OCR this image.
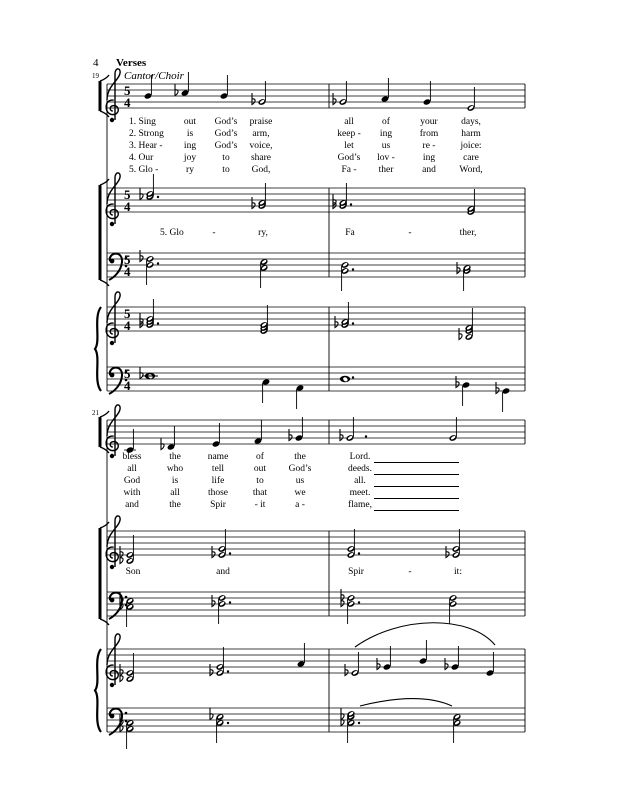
5
4
5
4
5
4
5
4
5
4
4 Verses
Cantor/Choir
19
21
1. Sing	out God’s praise	all	of	your days,
2. Strong is God’s arm,	keep - ing	from harm
3. Hear - ing God’s voice,	let	us	re -	joice:
4. Our	joy	to share	God’s lov -	ing	care
5. Glo -	ry	to God,	Fa - ther	and Word,
5. Glo	-	ry,	Fa	-	ther,
bless	the	name	of	the	Lord.
all	who	tell	out God’s	deeds.
God	is	life	to	us	all.
with	all	those	that	we	meet.
and	the	Spir	- it	a -	flame,
Son	and	Spir	-	it:
